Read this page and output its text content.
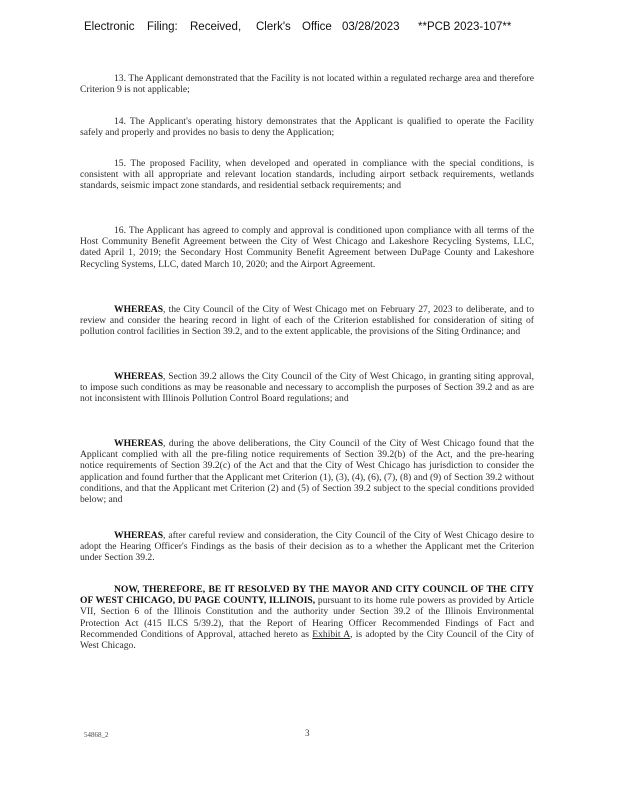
Electronic Filing: Received, Clerk's Office 03/28/2023 **PCB 2023-107**
13. The Applicant demonstrated that the Facility is not located within a regulated recharge area and therefore Criterion 9 is not applicable;
14. The Applicant's operating history demonstrates that the Applicant is qualified to operate the Facility safely and properly and provides no basis to deny the Application;
15. The proposed Facility, when developed and operated in compliance with the special conditions, is consistent with all appropriate and relevant location standards, including airport setback requirements, wetlands standards, seismic impact zone standards, and residential setback requirements; and
16. The Applicant has agreed to comply and approval is conditioned upon compliance with all terms of the Host Community Benefit Agreement between the City of West Chicago and Lakeshore Recycling Systems, LLC, dated April 1, 2019; the Secondary Host Community Benefit Agreement between DuPage County and Lakeshore Recycling Systems, LLC, dated March 10, 2020; and the Airport Agreement.
WHEREAS, the City Council of the City of West Chicago met on February 27, 2023 to deliberate, and to review and consider the hearing record in light of each of the Criterion established for consideration of siting of pollution control facilities in Section 39.2, and to the extent applicable, the provisions of the Siting Ordinance; and
WHEREAS, Section 39.2 allows the City Council of the City of West Chicago, in granting siting approval, to impose such conditions as may be reasonable and necessary to accomplish the purposes of Section 39.2 and as are not inconsistent with Illinois Pollution Control Board regulations; and
WHEREAS, during the above deliberations, the City Council of the City of West Chicago found that the Applicant complied with all the pre-filing notice requirements of Section 39.2(b) of the Act, and the pre-hearing notice requirements of Section 39.2(c) of the Act and that the City of West Chicago has jurisdiction to consider the application and found further that the Applicant met Criterion (1), (3), (4), (6), (7), (8) and (9) of Section 39.2 without conditions, and that the Applicant met Criterion (2) and (5) of Section 39.2 subject to the special conditions provided below; and
WHEREAS, after careful review and consideration, the City Council of the City of West Chicago desire to adopt the Hearing Officer's Findings as the basis of their decision as to a whether the Applicant met the Criterion under Section 39.2.
NOW, THEREFORE, BE IT RESOLVED BY THE MAYOR AND CITY COUNCIL OF THE CITY OF WEST CHICAGO, DU PAGE COUNTY, ILLINOIS, pursuant to its home rule powers as provided by Article VII, Section 6 of the Illinois Constitution and the authority under Section 39.2 of the Illinois Environmental Protection Act (415 ILCS 5/39.2), that the Report of Hearing Officer Recommended Findings of Fact and Recommended Conditions of Approval, attached hereto as Exhibit A, is adopted by the City Council of the City of West Chicago.
54868_2	3
